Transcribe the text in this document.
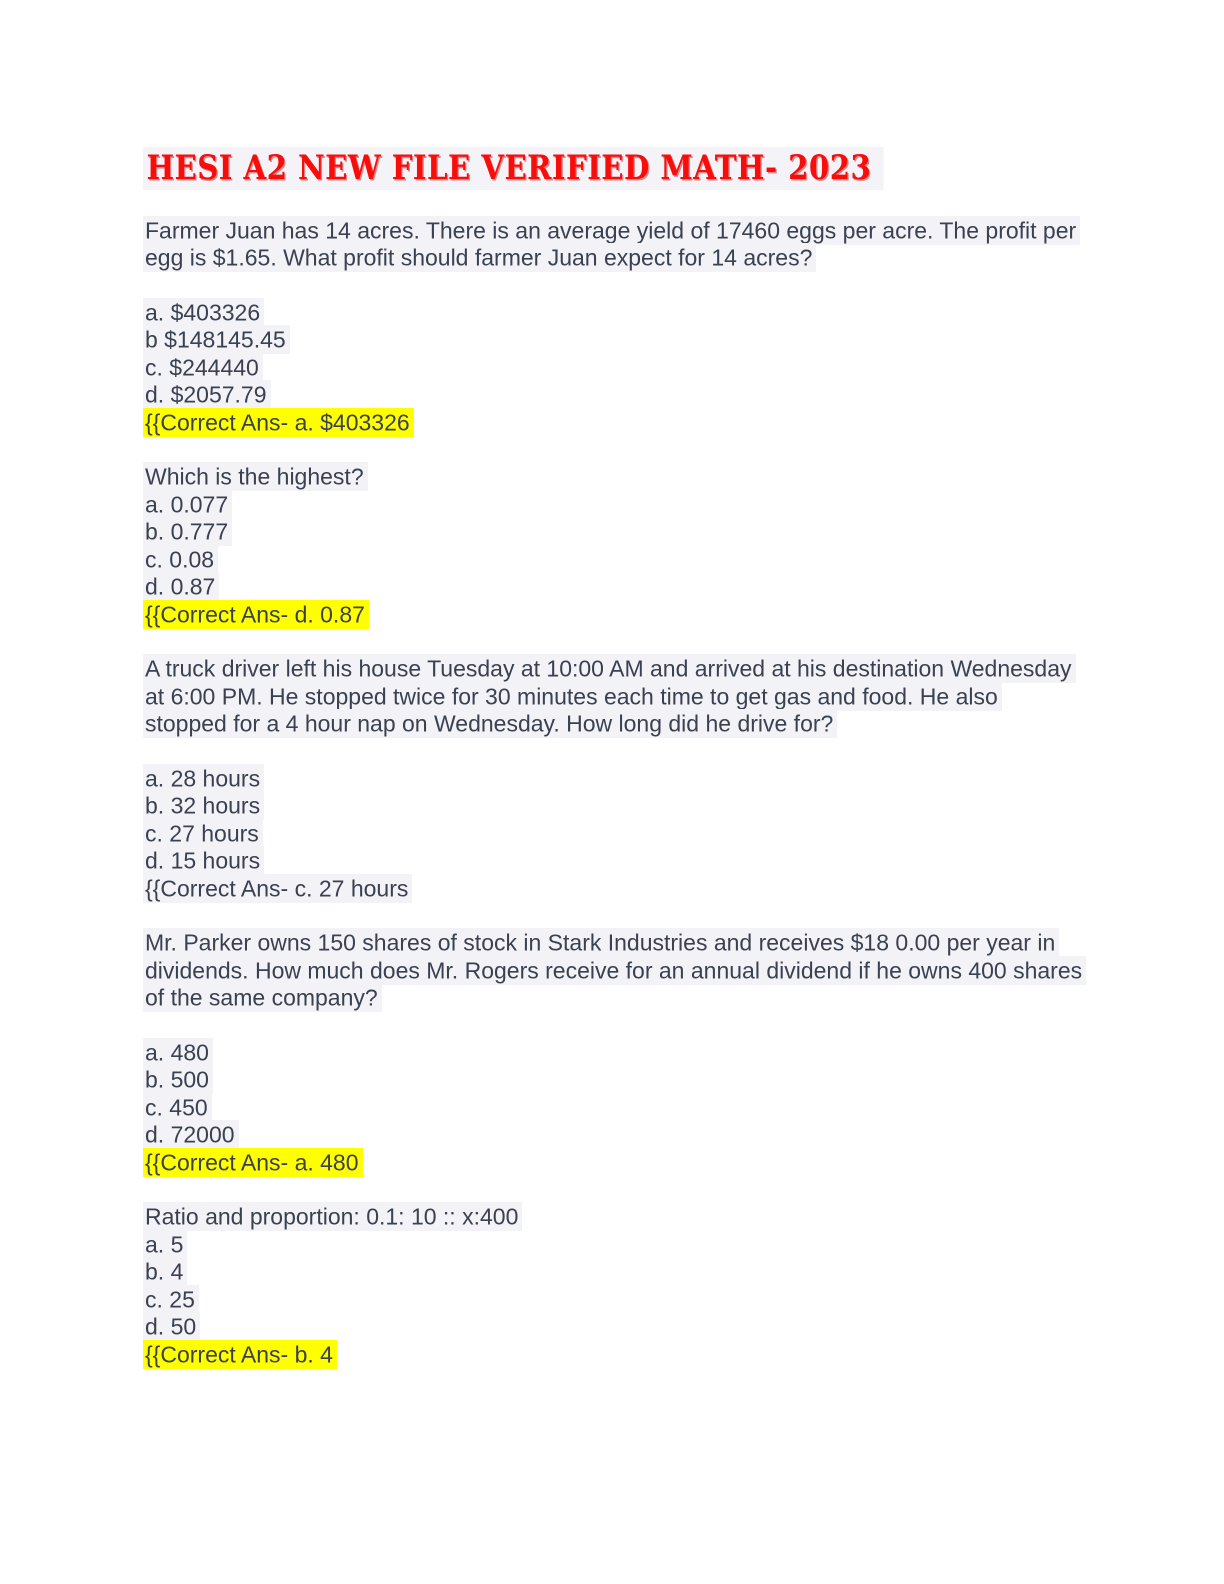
HESI A2 NEW FILE VERIFIED MATH- 2023

Farmer Juan has 14 acres. There is an average yield of 17460 eggs per acre. The profit per egg is $1.65. What profit should farmer Juan expect for 14 acres?

a. $403326

b $148145.45

c. $244440

d. $2057.79

{{Correct Ans- a. $403326

Which is the highest?

a. 0.077

b. 0.777

c. 0.08

d. 0.87

{{Correct Ans- d. 0.87

A truck driver left his house Tuesday at 10:00 AM and arrived at his destination Wednesday at 6:00 PM. He stopped twice for 30 minutes each time to get gas and food. He also stopped for a 4 hour nap on Wednesday. How long did he drive for?

a. 28 hours

b. 32 hours

c. 27 hours

d. 15 hours

{{Correct Ans- c. 27 hours

Mr. Parker owns 150 shares of stock in Stark Industries and receives $18 0.00 per year in dividends. How much does Mr. Rogers receive for an annual dividend if he owns 400 shares of the same company?

a. 480

b. 500

c. 450

d. 72000

{{Correct Ans- a. 480

Ratio and proportion: 0.1: 10 :: x:400

a. 5

b. 4

c. 25

d. 50

{{Correct Ans- b. 4
